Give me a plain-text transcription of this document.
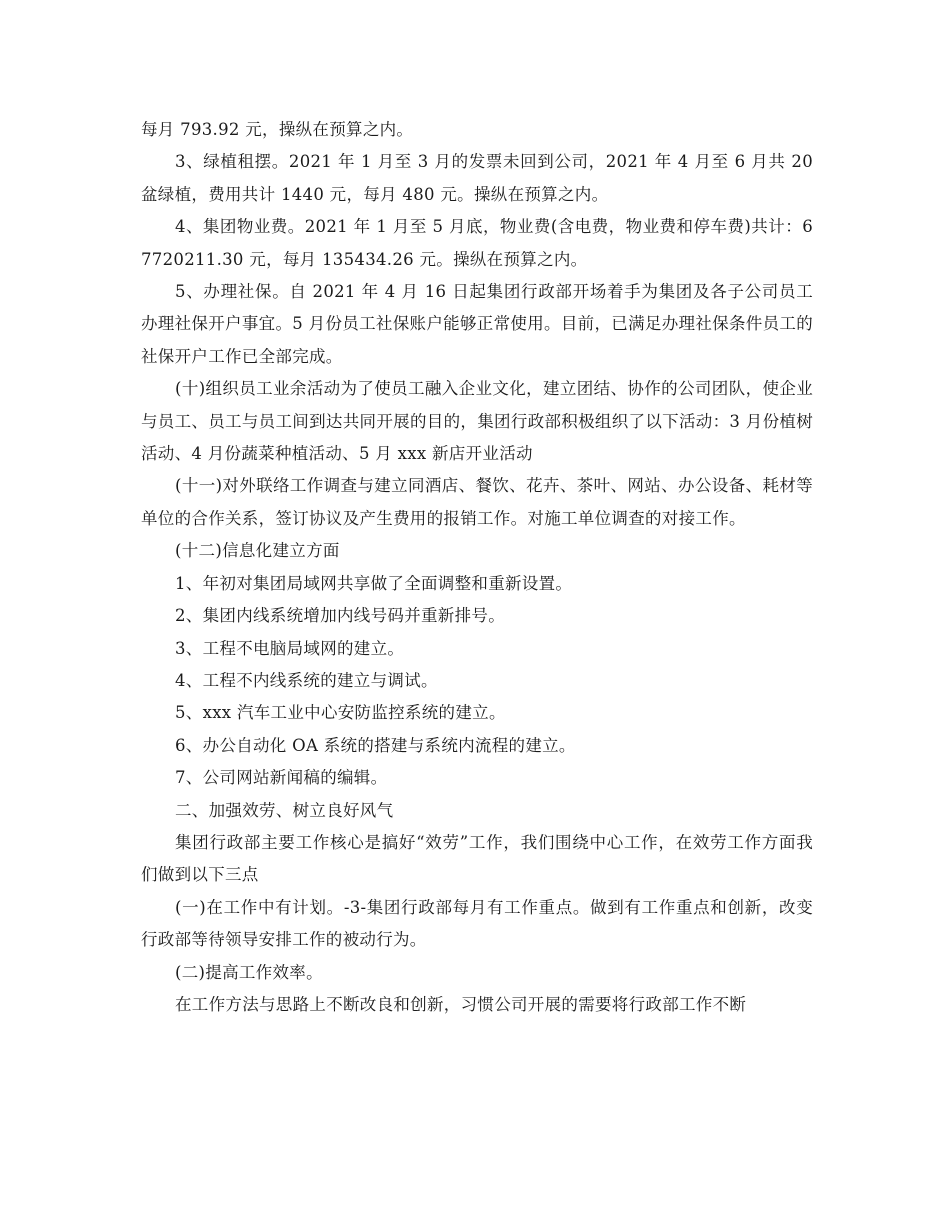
每月 793.92 元，操纵在预算之内。

3、绿植租摆。2021 年 1 月至 3 月的发票未回到公司，2021 年 4 月至 6 月共 20 盆绿植，费用共计 1440 元，每月 480 元。操纵在预算之内。

4、集团物业费。2021 年 1 月至 5 月底，物业费(含电费，物业费和停车费)共计：67720211.30 元，每月 135434.26 元。操纵在预算之内。

5、办理社保。自 2021 年 4 月 16 日起集团行政部开场着手为集团及各子公司员工办理社保开户事宜。5 月份员工社保账户能够正常使用。目前，已满足办理社保条件员工的社保开户工作已全部完成。

(十)组织员工业余活动为了使员工融入企业文化，建立团结、协作的公司团队，使企业与员工、员工与员工间到达共同开展的目的，集团行政部积极组织了以下活动：3 月份植树活动、4 月份蔬菜种植活动、5 月 xxx 新店开业活动

(十一)对外联络工作调查与建立同酒店、餐饮、花卉、茶叶、网站、办公设备、耗材等单位的合作关系，签订协议及产生费用的报销工作。对施工单位调查的对接工作。

(十二)信息化建立方面

1、年初对集团局域网共享做了全面调整和重新设置。

2、集团内线系统增加内线号码并重新排号。

3、工程不电脑局域网的建立。

4、工程不内线系统的建立与调试。

5、xxx 汽车工业中心安防监控系统的建立。

6、办公自动化 OA 系统的搭建与系统内流程的建立。

7、公司网站新闻稿的编辑。

二、加强效劳、树立良好风气

集团行政部主要工作核心是搞好“效劳”工作，我们围绕中心工作，在效劳工作方面我们做到以下三点

(一)在工作中有计划。-3-集团行政部每月有工作重点。做到有工作重点和创新，改变行政部等待领导安排工作的被动行为。

(二)提高工作效率。

在工作方法与思路上不断改良和创新，习惯公司开展的需要将行政部工作不断
